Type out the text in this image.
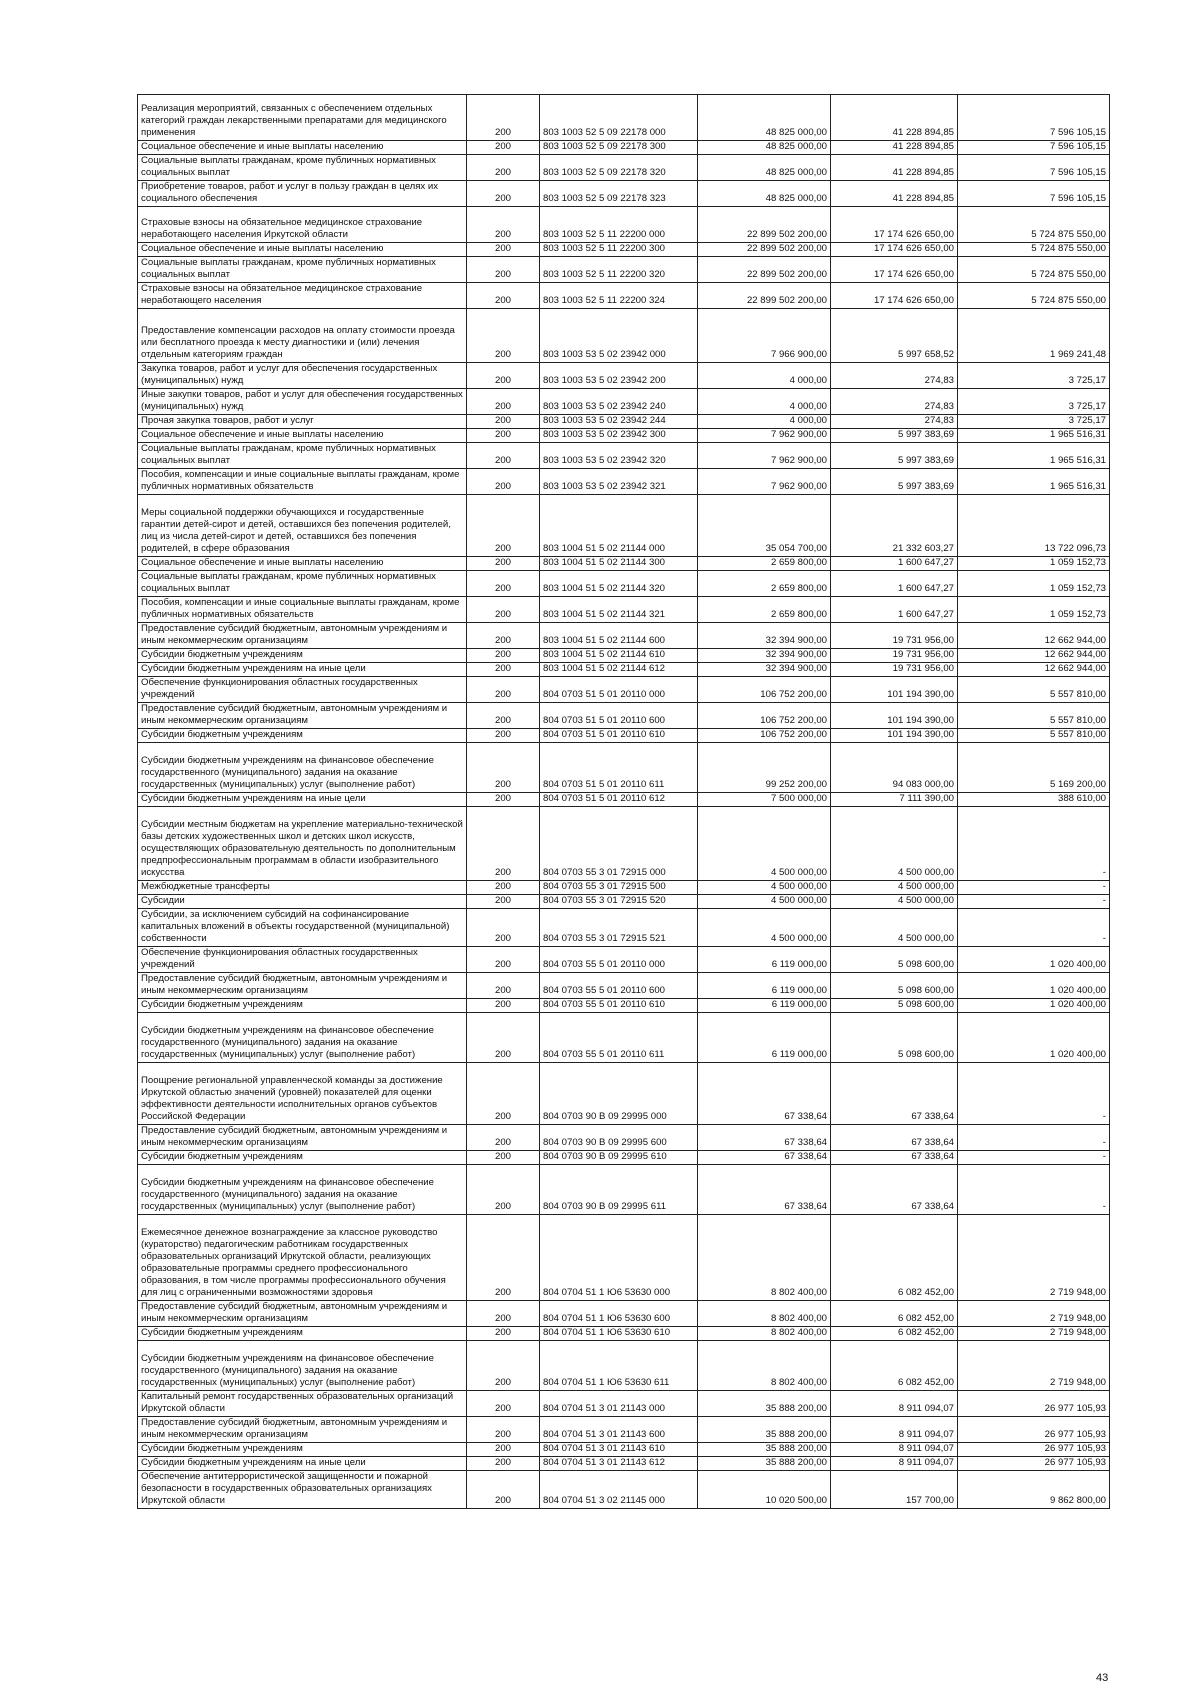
Реализация мероприятий, связанных с обеспечением отдельных категорий граждан лекарственными препаратами для медицинского применения	200	803 1003 52 5 09 22178 000	48 825 000,00	41 228 894,85	7 596 105,15
Социальное обеспечение и иные выплаты населению	200	803 1003 52 5 09 22178 300	48 825 000,00	41 228 894,85	7 596 105,15
Социальные выплаты гражданам, кроме публичных нормативных социальных выплат	200	803 1003 52 5 09 22178 320	48 825 000,00	41 228 894,85	7 596 105,15
Приобретение товаров, работ и услуг в пользу граждан в целях их социального обеспечения	200	803 1003 52 5 09 22178 323	48 825 000,00	41 228 894,85	7 596 105,15
Страховые взносы на обязательное медицинское страхование неработающего населения Иркутской области	200	803 1003 52 5 11 22200 000	22 899 502 200,00	17 174 626 650,00	5 724 875 550,00
Социальное обеспечение и иные выплаты населению	200	803 1003 52 5 11 22200 300	22 899 502 200,00	17 174 626 650,00	5 724 875 550,00
Социальные выплаты гражданам, кроме публичных нормативных социальных выплат	200	803 1003 52 5 11 22200 320	22 899 502 200,00	17 174 626 650,00	5 724 875 550,00
Страховые взносы на обязательное медицинское страхование неработающего населения	200	803 1003 52 5 11 22200 324	22 899 502 200,00	17 174 626 650,00	5 724 875 550,00
Предоставление компенсации расходов на оплату стоимости проезда или бесплатного проезда к месту диагностики и (или) лечения отдельным категориям граждан	200	803 1003 53 5 02 23942 000	7 966 900,00	5 997 658,52	1 969 241,48
Закупка товаров, работ и услуг для обеспечения государственных (муниципальных) нужд	200	803 1003 53 5 02 23942 200	4 000,00	274,83	3 725,17
Иные закупки товаров, работ и услуг для обеспечения государственных (муниципальных) нужд	200	803 1003 53 5 02 23942 240	4 000,00	274,83	3 725,17
Прочая закупка товаров, работ и услуг	200	803 1003 53 5 02 23942 244	4 000,00	274,83	3 725,17
Социальное обеспечение и иные выплаты населению	200	803 1003 53 5 02 23942 300	7 962 900,00	5 997 383,69	1 965 516,31
Социальные выплаты гражданам, кроме публичных нормативных социальных выплат	200	803 1003 53 5 02 23942 320	7 962 900,00	5 997 383,69	1 965 516,31
Пособия, компенсации и иные социальные выплаты гражданам, кроме публичных нормативных обязательств	200	803 1003 53 5 02 23942 321	7 962 900,00	5 997 383,69	1 965 516,31
Меры социальной поддержки обучающихся и государственные гарантии детей-сирот и детей, оставшихся без попечения родителей, лиц из числа детей-сирот и детей, оставшихся без попечения родителей, в сфере образования	200	803 1004 51 5 02 21144 000	35 054 700,00	21 332 603,27	13 722 096,73
Социальное обеспечение и иные выплаты населению	200	803 1004 51 5 02 21144 300	2 659 800,00	1 600 647,27	1 059 152,73
Социальные выплаты гражданам, кроме публичных нормативных социальных выплат	200	803 1004 51 5 02 21144 320	2 659 800,00	1 600 647,27	1 059 152,73
Пособия, компенсации и иные социальные выплаты гражданам, кроме публичных нормативных обязательств	200	803 1004 51 5 02 21144 321	2 659 800,00	1 600 647,27	1 059 152,73
Предоставление субсидий бюджетным, автономным учреждениям и иным некоммерческим организациям	200	803 1004 51 5 02 21144 600	32 394 900,00	19 731 956,00	12 662 944,00
Субсидии бюджетным учреждениям	200	803 1004 51 5 02 21144 610	32 394 900,00	19 731 956,00	12 662 944,00
Субсидии бюджетным учреждениям на иные цели	200	803 1004 51 5 02 21144 612	32 394 900,00	19 731 956,00	12 662 944,00
Обеспечение функционирования областных государственных учреждений	200	804 0703 51 5 01 20110 000	106 752 200,00	101 194 390,00	5 557 810,00
Предоставление субсидий бюджетным, автономным учреждениям и иным некоммерческим организациям	200	804 0703 51 5 01 20110 600	106 752 200,00	101 194 390,00	5 557 810,00
Субсидии бюджетным учреждениям	200	804 0703 51 5 01 20110 610	106 752 200,00	101 194 390,00	5 557 810,00
Субсидии бюджетным учреждениям на финансовое обеспечение государственного (муниципального) задания на оказание государственных (муниципальных) услуг (выполнение работ)	200	804 0703 51 5 01 20110 611	99 252 200,00	94 083 000,00	5 169 200,00
Субсидии бюджетным учреждениям на иные цели	200	804 0703 51 5 01 20110 612	7 500 000,00	7 111 390,00	388 610,00
Субсидии местным бюджетам на укрепление материально-технической базы детских художественных школ и детских школ искусств, осуществляющих образовательную деятельность по дополнительным предпрофессиональным программам в области изобразительного искусства	200	804 0703 55 3 01 72915 000	4 500 000,00	4 500 000,00	-
Межбюджетные трансферты	200	804 0703 55 3 01 72915 500	4 500 000,00	4 500 000,00	-
Субсидии	200	804 0703 55 3 01 72915 520	4 500 000,00	4 500 000,00	-
Субсидии, за исключением субсидий на софинансирование капитальных вложений в объекты государственной (муниципальной) собственности	200	804 0703 55 3 01 72915 521	4 500 000,00	4 500 000,00	-
Обеспечение функционирования областных государственных учреждений	200	804 0703 55 5 01 20110 000	6 119 000,00	5 098 600,00	1 020 400,00
Предоставление субсидий бюджетным, автономным учреждениям и иным некоммерческим организациям	200	804 0703 55 5 01 20110 600	6 119 000,00	5 098 600,00	1 020 400,00
Субсидии бюджетным учреждениям	200	804 0703 55 5 01 20110 610	6 119 000,00	5 098 600,00	1 020 400,00
Субсидии бюджетным учреждениям на финансовое обеспечение государственного (муниципального) задания на оказание государственных (муниципальных) услуг (выполнение работ)	200	804 0703 55 5 01 20110 611	6 119 000,00	5 098 600,00	1 020 400,00
Поощрение региональной управленческой команды за достижение Иркутской областью значений (уровней) показателей для оценки эффективности деятельности исполнительных органов субъектов Российской Федерации	200	804 0703 90 В 09 29995 000	67 338,64	67 338,64	-
Предоставление субсидий бюджетным, автономным учреждениям и иным некоммерческим организациям	200	804 0703 90 В 09 29995 600	67 338,64	67 338,64	-
Субсидии бюджетным учреждениям	200	804 0703 90 В 09 29995 610	67 338,64	67 338,64	-
Субсидии бюджетным учреждениям на финансовое обеспечение государственного (муниципального) задания на оказание государственных (муниципальных) услуг (выполнение работ)	200	804 0703 90 В 09 29995 611	67 338,64	67 338,64	-
Ежемесячное денежное вознаграждение за классное руководство (кураторство) педагогическим работникам государственных образовательных организаций Иркутской области, реализующих образовательные программы среднего профессионального образования, в том числе программы профессионального обучения для лиц с ограниченными возможностями здоровья	200	804 0704 51 1 Ю6 53630 000	8 802 400,00	6 082 452,00	2 719 948,00
Предоставление субсидий бюджетным, автономным учреждениям и иным некоммерческим организациям	200	804 0704 51 1 Ю6 53630 600	8 802 400,00	6 082 452,00	2 719 948,00
Субсидии бюджетным учреждениям	200	804 0704 51 1 Ю6 53630 610	8 802 400,00	6 082 452,00	2 719 948,00
Субсидии бюджетным учреждениям на финансовое обеспечение государственного (муниципального) задания на оказание государственных (муниципальных) услуг (выполнение работ)	200	804 0704 51 1 Ю6 53630 611	8 802 400,00	6 082 452,00	2 719 948,00
Капитальный ремонт государственных образовательных организаций Иркутской области	200	804 0704 51 3 01 21143 000	35 888 200,00	8 911 094,07	26 977 105,93
Предоставление субсидий бюджетным, автономным учреждениям и иным некоммерческим организациям	200	804 0704 51 3 01 21143 600	35 888 200,00	8 911 094,07	26 977 105,93
Субсидии бюджетным учреждениям	200	804 0704 51 3 01 21143 610	35 888 200,00	8 911 094,07	26 977 105,93
Субсидии бюджетным учреждениям на иные цели	200	804 0704 51 3 01 21143 612	35 888 200,00	8 911 094,07	26 977 105,93
Обеспечение антитеррористической защищенности и пожарной безопасности в государственных образовательных организациях Иркутской области	200	804 0704 51 3 02 21145 000	10 020 500,00	157 700,00	9 862 800,00
43
